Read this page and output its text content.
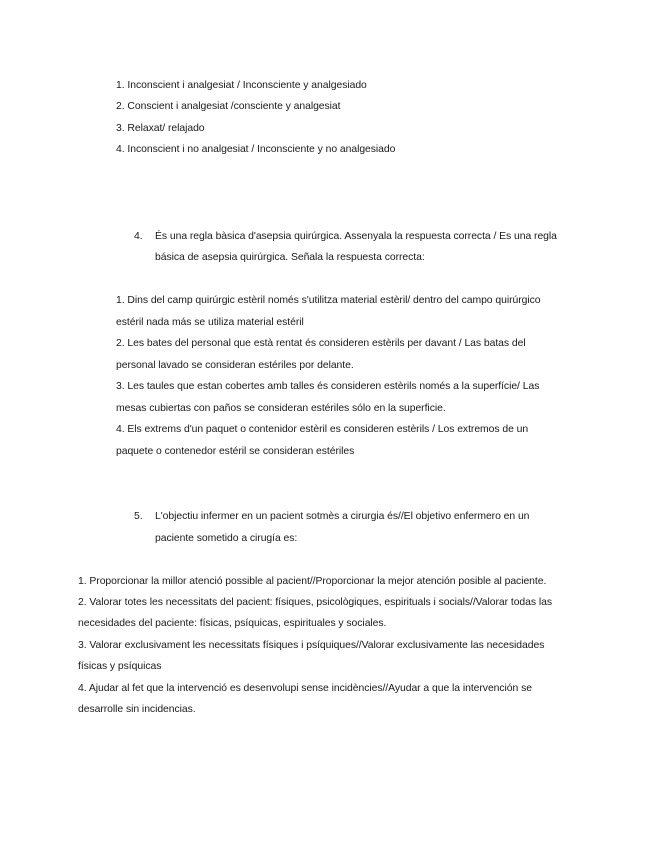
1. Inconscient i analgesiat / Inconsciente y analgesiado
2. Conscient i analgesiat /consciente y analgesiat
3. Relaxat/ relajado
4. Inconscient i no analgesiat / Inconsciente y no analgesiado
4. És una regla bàsica d'asepsia quirúrgica. Assenyala la respuesta correcta / Es una regla
básica de asepsia quirúrgica. Señala la respuesta correcta:
1. Dins del camp quirúrgic estèril només s'utilitza material estèril/ dentro del campo quirúrgico
estéril nada más se utiliza material estéril
2. Les bates del personal que està rentat és consideren estèrils per davant / Las batas del
personal lavado se consideran estériles por delante.
3. Les taules que estan cobertes amb talles és consideren estèrils només a la superfície/ Las
mesas cubiertas con paños se consideran estériles sólo en la superficie.
4. Els extrems d'un paquet o contenidor estèril es consideren estèrils / Los extremos de un
paquete o contenedor estéril se consideran estériles
5. L'objectiu infermer en un pacient sotmès a cirurgia és//El objetivo enfermero en un
paciente sometido a cirugía es:
1. Proporcionar la millor atenció possible al pacient//Proporcionar la mejor atención posible al paciente.
2. Valorar totes les necessitats del pacient: físiques, psicològiques, espirituals i socials//Valorar todas las
necesidades del paciente: físicas, psíquicas, espirituales y sociales.
3. Valorar exclusivament les necessitats físiques i psíquiques//Valorar exclusivamente las necesidades
físicas y psíquicas
4. Ajudar al fet que la intervenció es desenvolupi sense incidències//Ayudar a que la intervención se
desarrolle sin incidencias.
